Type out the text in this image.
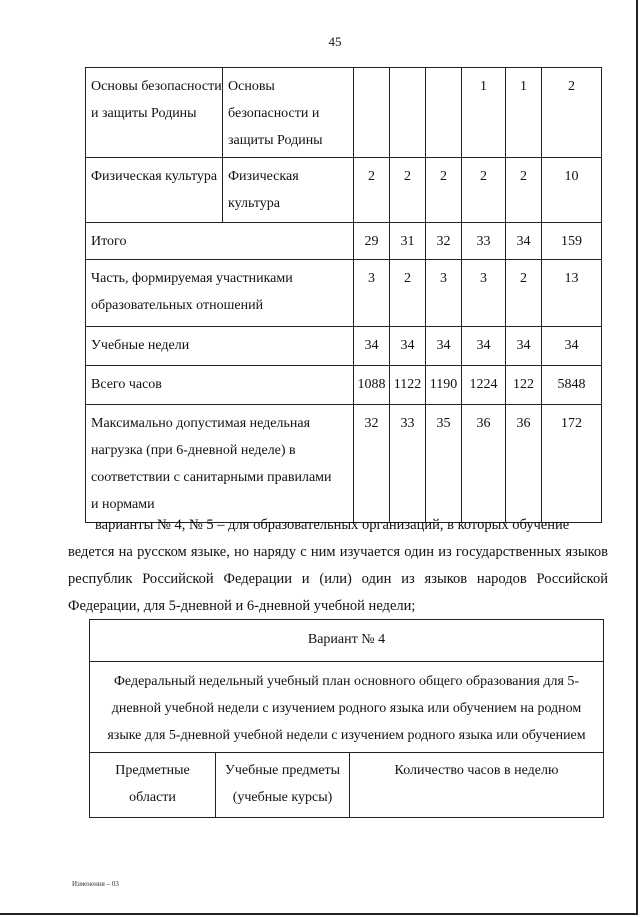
45
Основы безопасности и защиты Родины	Основы безопасности и защиты Родины				1	1	2
Физическая культура	Физическая культура	2	2	2	2	2	10
Итого		29	31	32	33	34	159
Часть, формируемая участниками образовательных отношений		3	2	3	3	2	13
Учебные недели		34	34	34	34	34	34
Всего часов		1088	1122	1190	1224	122	5848
Максимально допустимая недельная нагрузка (при 6-дневной неделе) в соответствии с санитарными правилами и нормами		32	33	35	36	36	172
варианты № 4, № 5 – для образовательных организаций, в которых обучение
ведется на русском языке, но наряду с ним изучается один из государственных языков республик Российской Федерации и (или) один из языков народов Российской Федерации, для 5-дневной и 6-дневной учебной недели;
Вариант № 4
Федеральный недельный учебный план основного общего образования для 5-дневной учебной недели с изучением родного языка или обучением на родном языке для 5-дневной учебной недели с изучением родного языка или обучением
Предметные области	Учебные предметы (учебные курсы)	Количество часов в неделю
Изменения – 03
